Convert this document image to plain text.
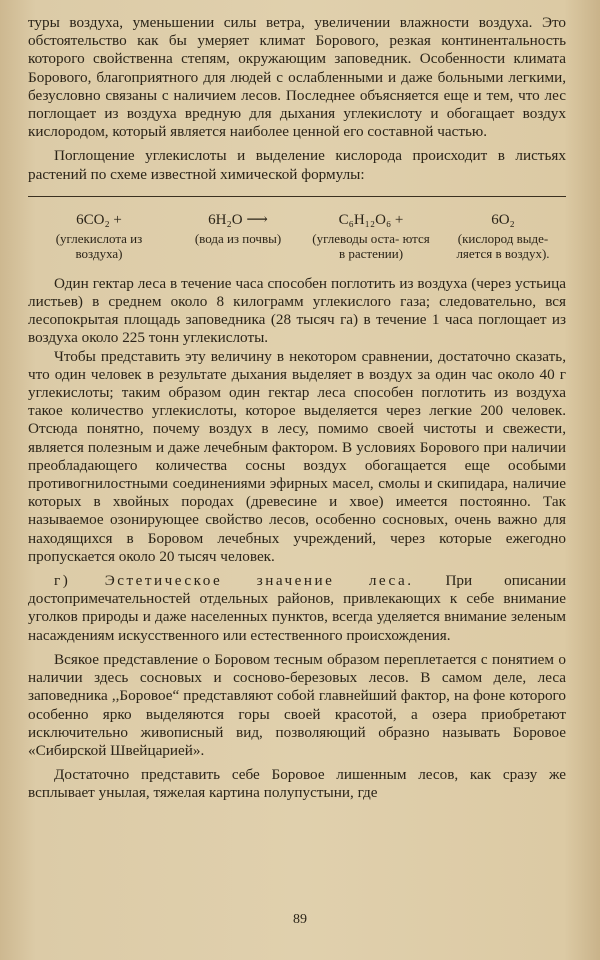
туры воздуха, уменьшении силы ветра, увеличении влажности воздуха. Это обстоятельство как бы умеряет климат Борового, резкая континентальность которого свойственна степям, окружающим заповедник. Особенности климата Борового, благоприятного для людей с ослабленными и даже больными легкими, безусловно связаны с наличием лесов. Последнее объясняется еще и тем, что лес поглощает из воздуха вредную для дыхания углекислоту и обогащает воздух кислородом, который является наиболее ценной его составной частью.

Поглощение углекислоты и выделение кислорода происходит в листьях растений по схеме известной химической формулы:

6CO₂ +
(углекислота из воздуха)
6H₂O ⟶
(вода из почвы)
C₆H₁₂O₆ +
(углеводы оста- ются в растении)
6O₂
(кислород выде- ляется в воздух).

Один гектар леса в течение часа способен поглотить из воздуха (через устьица листьев) в среднем около 8 килограмм углекислого газа; следовательно, вся лесопокрытая площадь заповедника (28 тысяч га) в течение 1 часа поглощает из воздуха около 225 тонн углекислоты.

Чтобы представить эту величину в некотором сравнении, достаточно сказать, что один человек в результате дыхания выделяет в воздух за один час около 40 г углекислоты; таким образом один гектар леса способен поглотить из воздуха такое количество углекислоты, которое выделяется через легкие 200 человек. Отсюда понятно, почему воздух в лесу, помимо своей чистоты и свежести, является полезным и даже лечебным фактором. В условиях Борового при наличии преобладающего количества сосны воздух обогащается еще особыми противогнилостными соединениями эфирных масел, смолы и скипидара, наличие которых в хвойных породах (древесине и хвое) имеется постоянно. Так называемое озонирующее свойство лесов, особенно сосновых, очень важно для находящихся в Боровом лечебных учреждений, через которые ежегодно пропускается около 20 тысяч человек.

г) Эстетическое значение леса. При описании достопримечательностей отдельных районов, привлекающих к себе внимание уголков природы и даже населенных пунктов, всегда уделяется внимание зеленым насаждениям искусственного или естественного происхождения.

Всякое представление о Боровом тесным образом переплетается с понятием о наличии здесь сосновых и сосново-березовых лесов. В самом деле, леса заповедника ,,Боровое“ представляют собой главнейший фактор, на фоне которого особенно ярко выделяются горы своей красотой, а озера приобретают исключительно живописный вид, позволяющий образно называть Боровое «Сибирской Швейцарией».

Достаточно представить себе Боровое лишенным лесов, как сразу же всплывает унылая, тяжелая картина полупустыни, где

89
